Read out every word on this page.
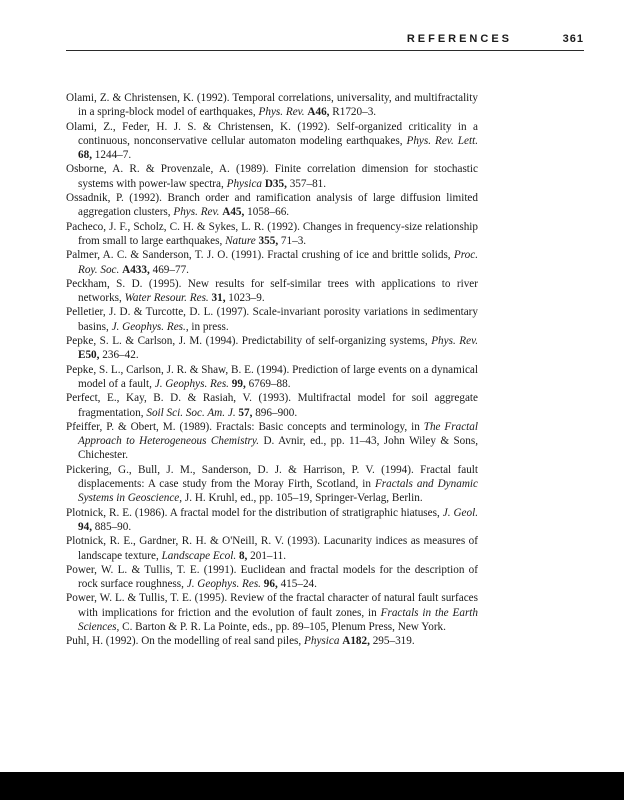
REFERENCES	361

Olami, Z. & Christensen, K. (1992). Temporal correlations, universality, and multifractality in a spring-block model of earthquakes, Phys. Rev. A46, R1720–3.

Olami, Z., Feder, H. J. S. & Christensen, K. (1992). Self-organized criticality in a continuous, nonconservative cellular automaton modeling earthquakes, Phys. Rev. Lett. 68, 1244–7.

Osborne, A. R. & Provenzale, A. (1989). Finite correlation dimension for stochastic systems with power-law spectra, Physica D35, 357–81.

Ossadnik, P. (1992). Branch order and ramification analysis of large diffusion limited aggregation clusters, Phys. Rev. A45, 1058–66.

Pacheco, J. F., Scholz, C. H. & Sykes, L. R. (1992). Changes in frequency-size relationship from small to large earthquakes, Nature 355, 71–3.

Palmer, A. C. & Sanderson, T. J. O. (1991). Fractal crushing of ice and brittle solids, Proc. Roy. Soc. A433, 469–77.

Peckham, S. D. (1995). New results for self-similar trees with applications to river networks, Water Resour. Res. 31, 1023–9.

Pelletier, J. D. & Turcotte, D. L. (1997). Scale-invariant porosity variations in sedimentary basins, J. Geophys. Res., in press.

Pepke, S. L. & Carlson, J. M. (1994). Predictability of self-organizing systems, Phys. Rev. E50, 236–42.

Pepke, S. L., Carlson, J. R. & Shaw, B. E. (1994). Prediction of large events on a dynamical model of a fault, J. Geophys. Res. 99, 6769–88.

Perfect, E., Kay, B. D. & Rasiah, V. (1993). Multifractal model for soil aggregate fragmentation, Soil Sci. Soc. Am. J. 57, 896–900.

Pfeiffer, P. & Obert, M. (1989). Fractals: Basic concepts and terminology, in The Fractal Approach to Heterogeneous Chemistry. D. Avnir, ed., pp. 11–43, John Wiley & Sons, Chichester.

Pickering, G., Bull, J. M., Sanderson, D. J. & Harrison, P. V. (1994). Fractal fault displacements: A case study from the Moray Firth, Scotland, in Fractals and Dynamic Systems in Geoscience, J. H. Kruhl, ed., pp. 105–19, Springer-Verlag, Berlin.

Plotnick, R. E. (1986). A fractal model for the distribution of stratigraphic hiatuses, J. Geol. 94, 885–90.

Plotnick, R. E., Gardner, R. H. & O'Neill, R. V. (1993). Lacunarity indices as measures of landscape texture, Landscape Ecol. 8, 201–11.

Power, W. L. & Tullis, T. E. (1991). Euclidean and fractal models for the description of rock surface roughness, J. Geophys. Res. 96, 415–24.

Power, W. L. & Tullis, T. E. (1995). Review of the fractal character of natural fault surfaces with implications for friction and the evolution of fault zones, in Fractals in the Earth Sciences, C. Barton & P. R. La Pointe, eds., pp. 89–105, Plenum Press, New York.

Puhl, H. (1992). On the modelling of real sand piles, Physica A182, 295–319.
